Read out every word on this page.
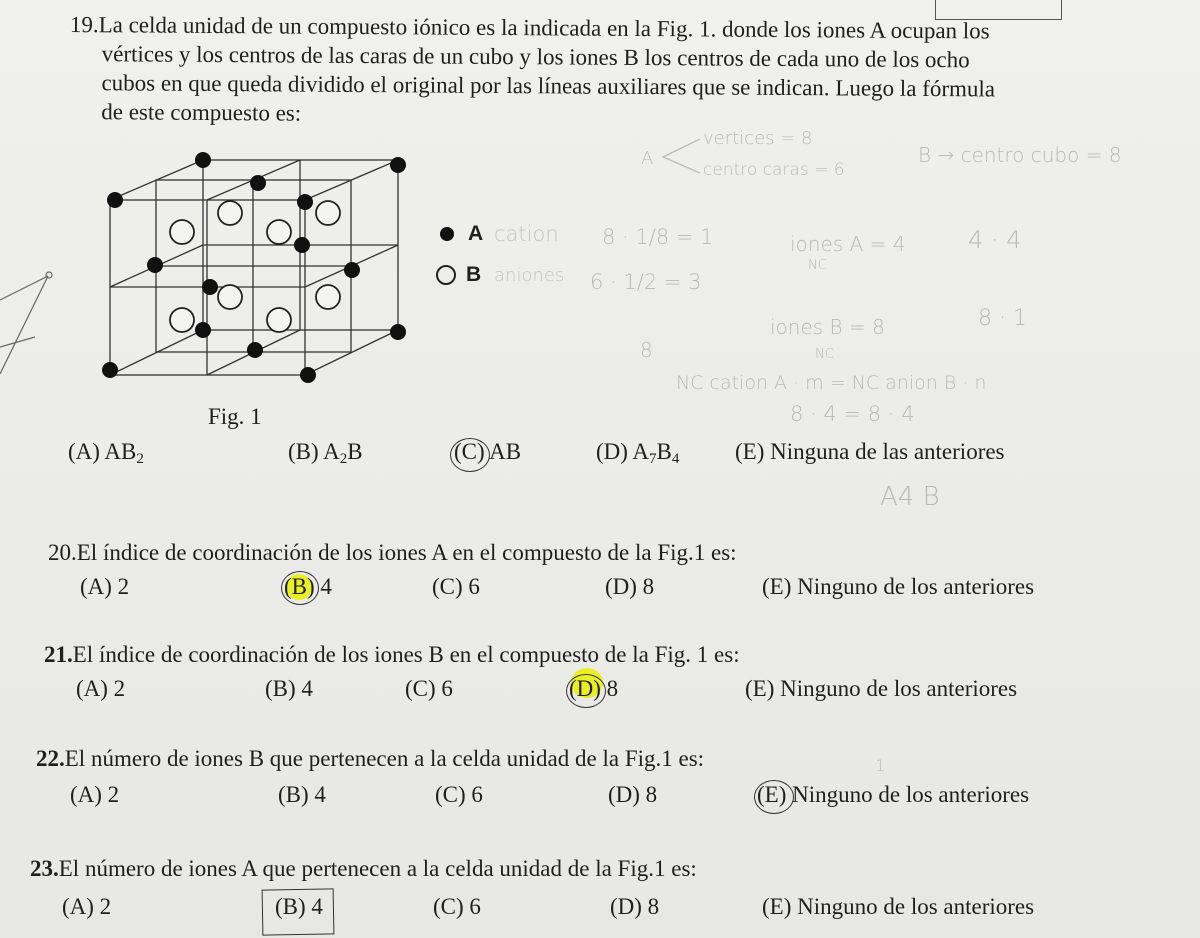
19.La celda unidad de un compuesto iónico es la indicada en la Fig. 1. donde los iones A ocupan los
vértices y los centros de las caras de un cubo y los iones B los centros de cada uno de los ocho
cubos en que queda dividido el original por las líneas auxiliares que se indican. Luego la fórmula
de este compuesto es:
A
B
Fig. 1
(A) $AB_2$	(B) $A_2B$	(C) AB	(D) $A_7B_4$ (E) Ninguna de las anteriores
A
vertices = 8
centro caras = 6
B → centro cubo = 8
cation
aniones
8 · 1/8 = 1
6 · 1/2 = 3
iones A = 4
NC
4 · 4
iones B = 8
NC
8 · 1
8
NC cation A · m = NC anion B · n
8 · 4 = 8 · 4
A4 B
1
20.El índice de coordinación de los iones A en el compuesto de la Fig.1 es:
(A) 2	(B) 4	(C) 6	(D) 8	(E) Ninguno de los anteriores
21.El índice de coordinación de los iones B en el compuesto de la Fig. 1 es:
(A) 2	(B) 4	(C) 6	(D) 8	(E) Ninguno de los anteriores
22.El número de iones B que pertenecen a la celda unidad de la Fig.1 es:
(A) 2	(B) 4	(C) 6	(D) 8	(E) Ninguno de los anteriores
23.El número de iones A que pertenecen a la celda unidad de la Fig.1 es:
(A) 2	(B) 4	(C) 6	(D) 8	(E) Ninguno de los anteriores
